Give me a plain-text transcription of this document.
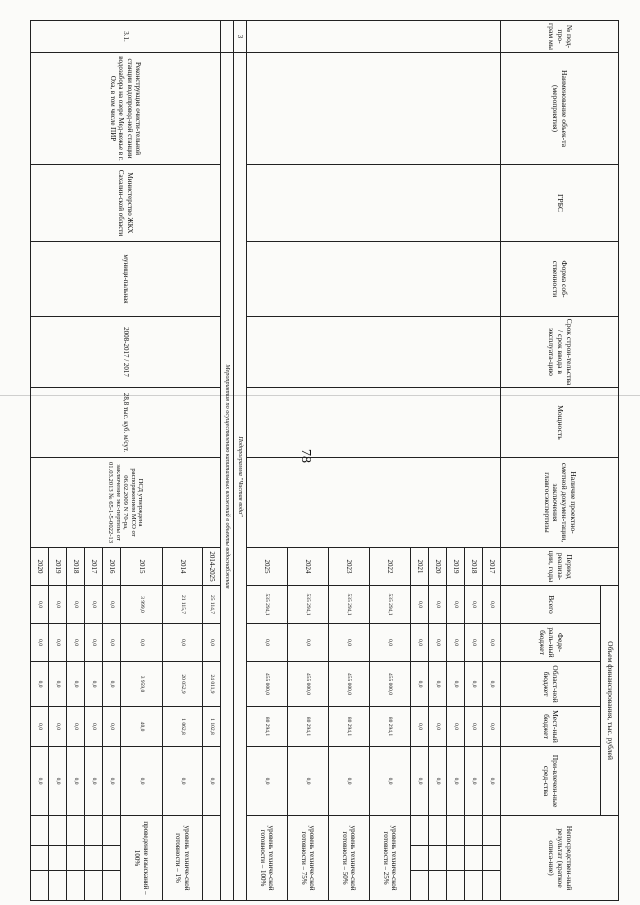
78
№ под-про-грам мы	Наименование объек-та (мероприятия)	ГРБС	Форма соб-ственности	Срок строи-тельства / срок ввода в эксплуата-цию	Мощность	Наличие проектно-сметной докумен-тации, заключения главгосэкспертизы	Период реализа-ции, годы	Объем финансирования, тыс. рублей					Непосредствен-ный результат (краткое описа-ние)		
								Всего	Феде-раль-ный бюджет	Област-ной бюджет	Мест-ный бюджет	При-влечен-ные сред-ства			
							2017	0,0	0,0	0,0	0,0	0,0			
							2018	0,0	0,0	0,0	0,0	0,0			
							2019	0,0	0,0	0,0	0,0	0,0			
							2020	0,0	0,0	0,0	0,0	0,0			
							2021	0,0	0,0	0,0	0,0	0,0			
							2022	535 294,1	0,0	455 000,0	80 294,1	0,0	уровень техниче-ской готовности – 25%		
							2023	535 294,1	0,0	455 000,0	80 294,1	0,0	уровень техниче-ской готовности – 50%		
							2024	535 294,1	0,0	455 000,0	80 294,1	0,0	уровень техниче-ской готовности – 75%		
							2025	535 294,1	0,0	455 000,0	80 294,1	0,0	уровень техниче-ской готовности – 100%		
3	Подпрограмма "Чистая вода"														
	Мероприятия по осуществлению капитальных вложений в объекты водоснабжения														
3.1.	Реконструкция очисти-тельной станции водопровод-ной станции водозабора на озере Мед-вежье в г. Оха, в том числе ПИР	Министерство ЖКХ Сахалин-ской области	муници-пальная	2008-2017 / 2017	28,8 тыс. куб. м/сут.	ПСД утверждена распоряжением МСО от 06.02.2009 N 70-ра, заключение экс-пертизы от 01.03.2013 № 65-1-5-0022-13	2014-2025	25 114,7	0,0	24 011,9	1 102,8	0,0			
							2014	21 115,7	0,0	20 052,9	1 062,8	0,0	уровень техниче-ской готовности – 1%		
							2015	3 999,0	0,0	3 959,0	40,0	0,0	проведение изысканий – 100%		
							2016	0,0	0,0	0,0	0,0	0,0			
							2017	0,0	0,0	0,0	0,0	0,0			
							2018	0,0	0,0	0,0	0,0	0,0			
							2019	0,0	0,0	0,0	0,0	0,0			
							2020	0,0	0,0	0,0	0,0	0,0			
